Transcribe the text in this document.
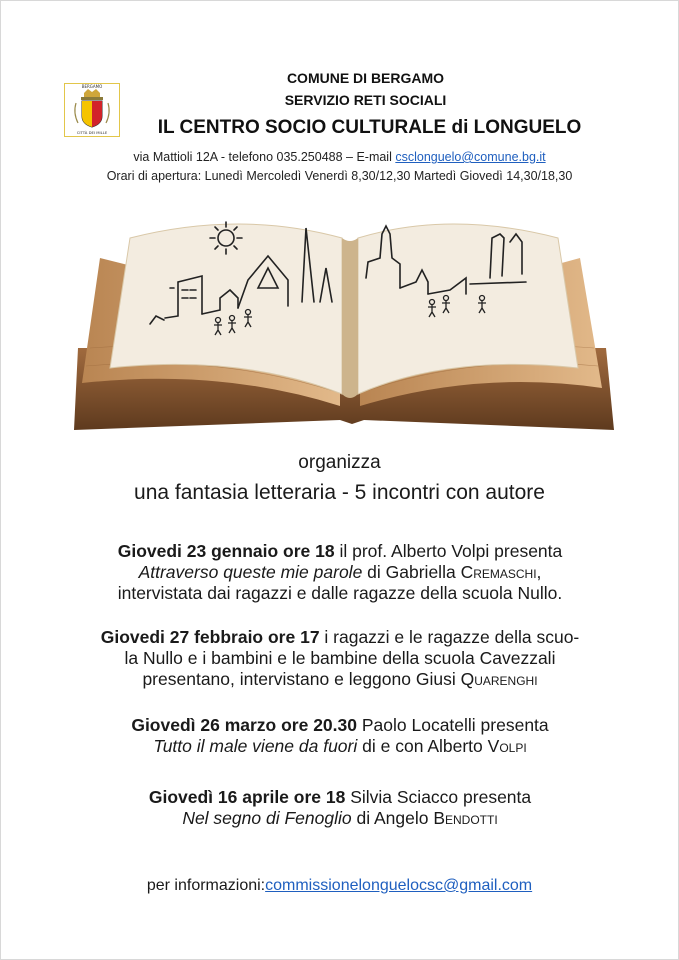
BERGAMO
CITTÀ DEI MILLE
COMUNE DI BERGAMO
SERVIZIO RETI SOCIALI
IL CENTRO SOCIO CULTURALE di LONGUELO
via Mattioli 12A - telefono 035.250488 – E-mail csclonguelo@comune.bg.it
Orari di apertura: Lunedì Mercoledì Venerdì 8,30/12,30 Martedì Giovedì 14,30/18,30
organizza
una fantasia letteraria - 5 incontri con autore
Giovedi 23 gennaio ore 18 il prof. Alberto Volpi presenta
Attraverso queste mie parole di Gabriella Cremaschi,
intervistata dai ragazzi e dalle ragazze della scuola Nullo.
Giovedi 27 febbraio ore 17 i ragazzi e le ragazze della scuo-
la Nullo e i bambini e le bambine della scuola Cavezzali
presentano, intervistano e leggono Giusi Quarenghi
Giovedì 26 marzo ore 20.30 Paolo Locatelli presenta
Tutto il male viene da fuori di e con Alberto Volpi
Giovedì 16 aprile ore 18 Silvia Sciacco presenta
Nel segno di Fenoglio di Angelo Bendotti
per informazioni:commissionelonguelocsc@gmail.com
